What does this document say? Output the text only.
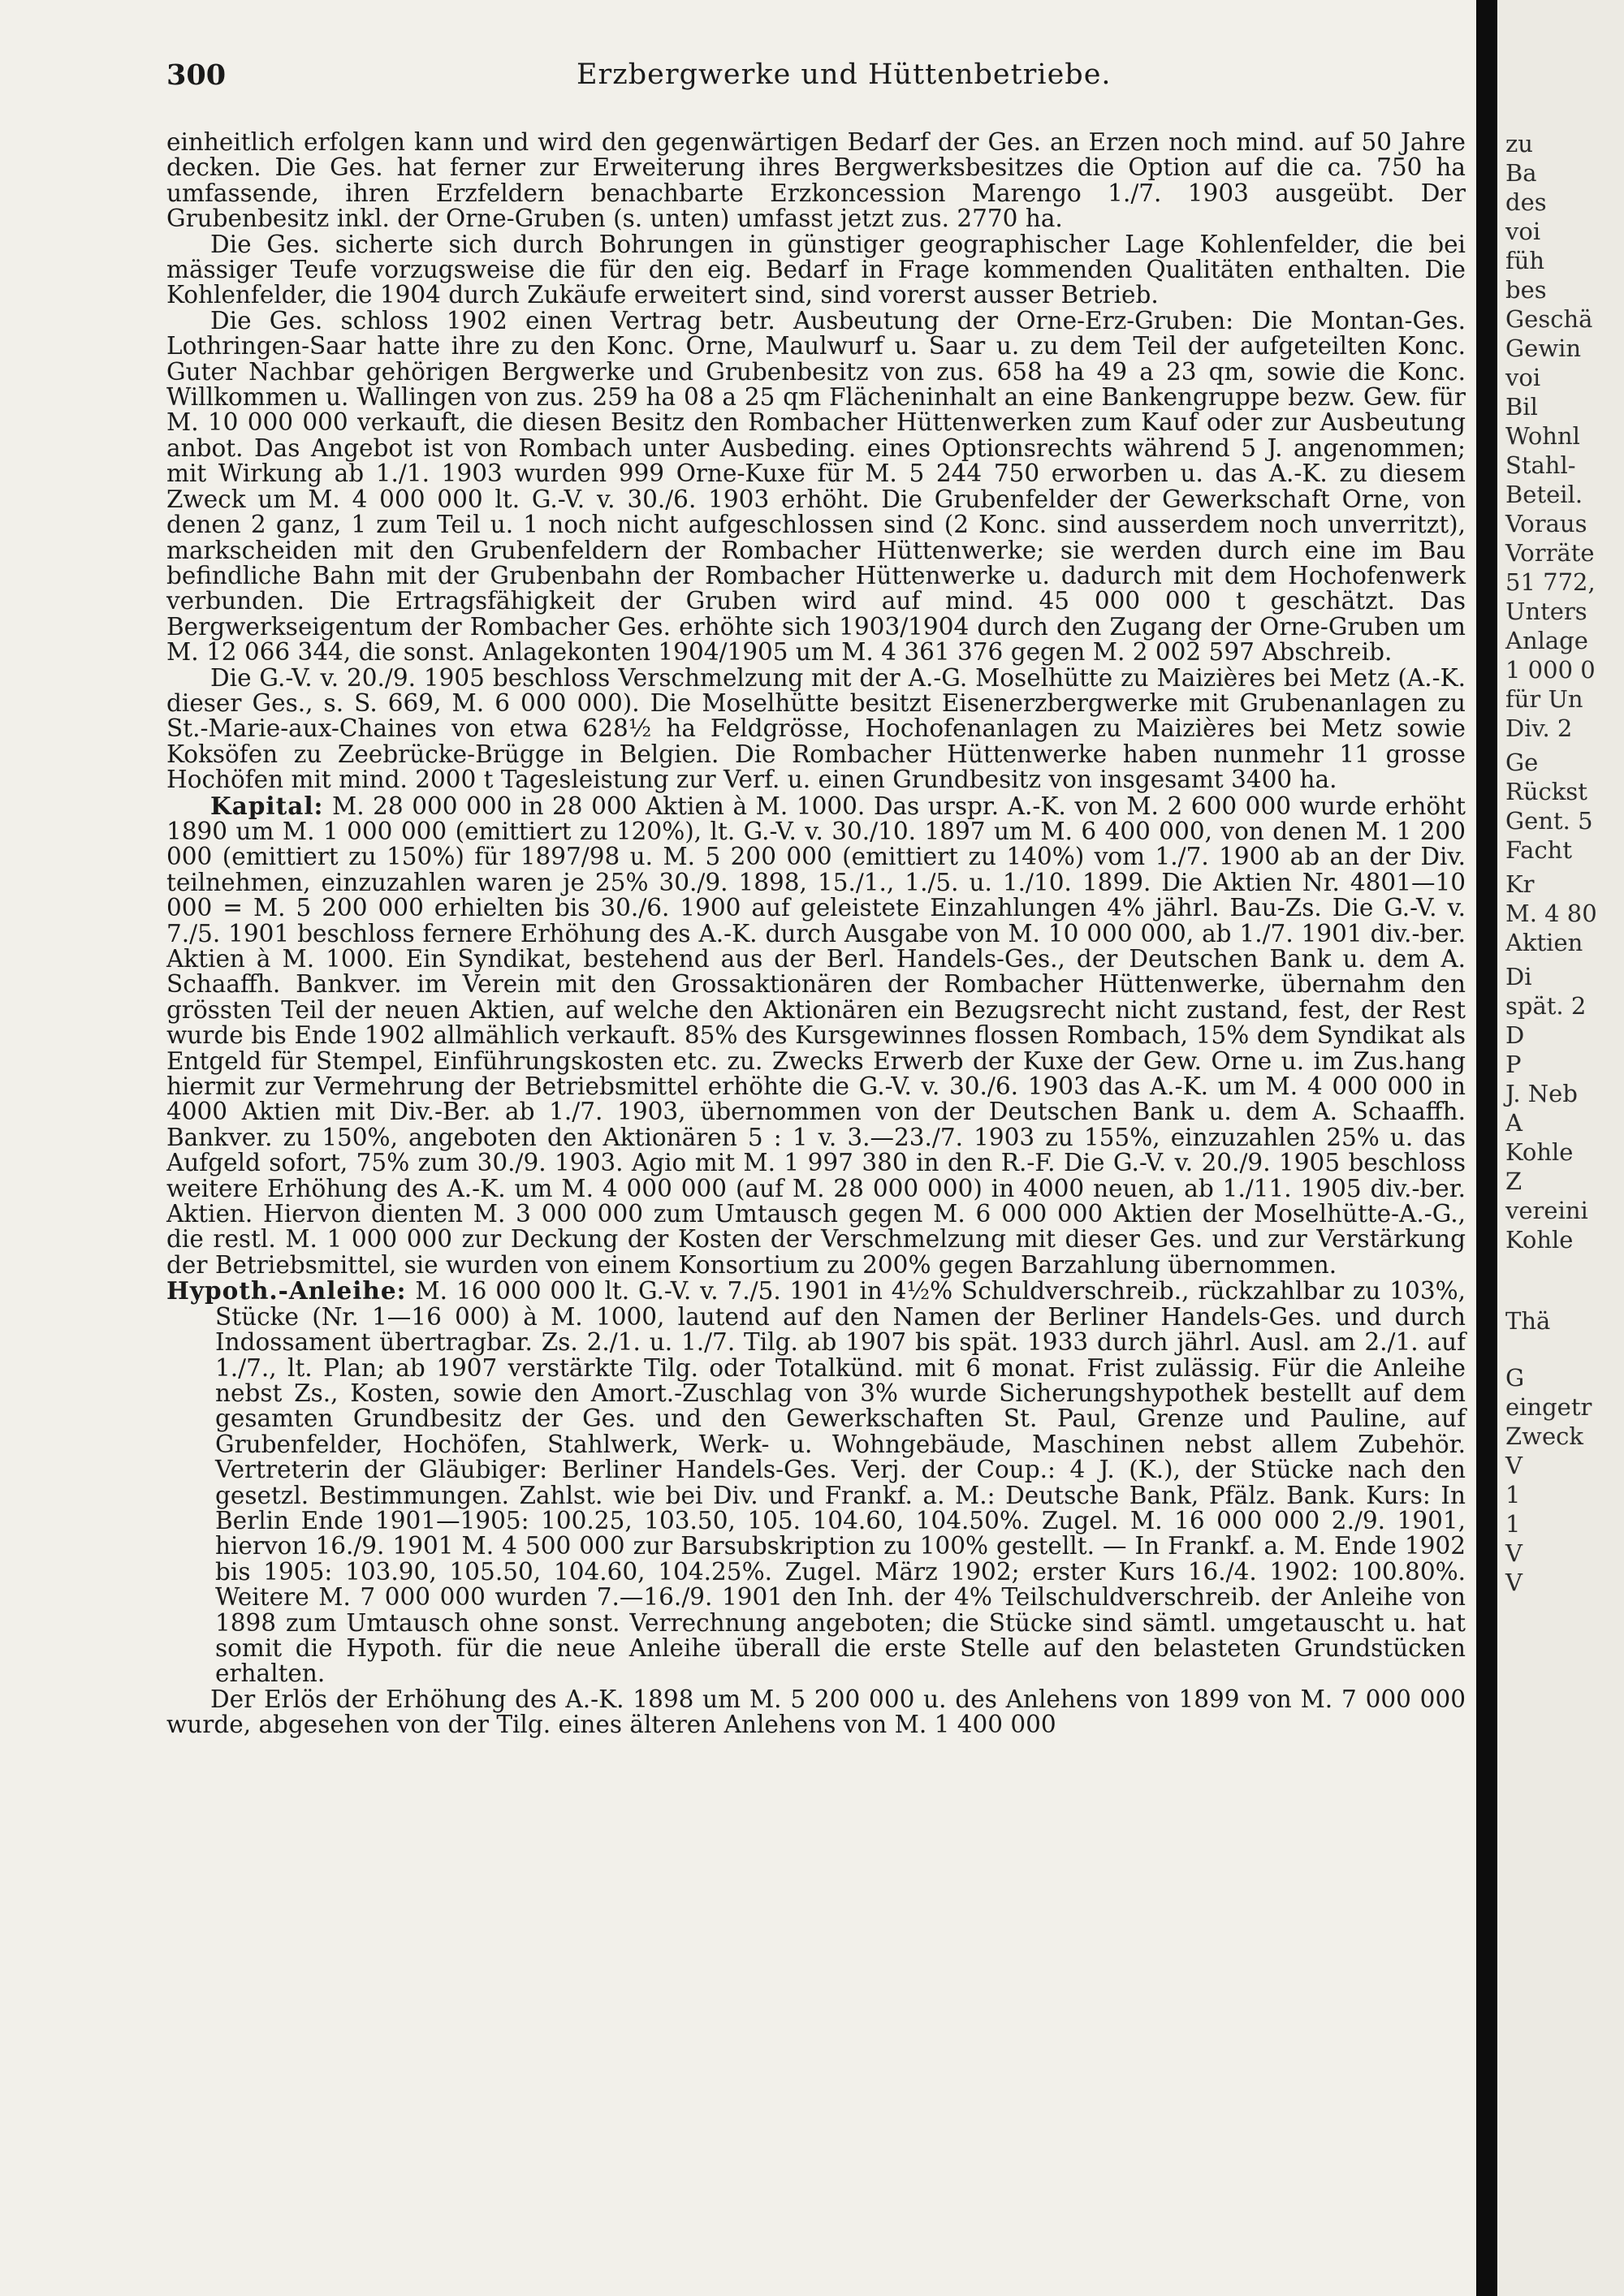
300	Erzbergwerke und Hüttenbetriebe.

einheitlich erfolgen kann und wird den gegenwärtigen Bedarf der Ges. an Erzen noch mind. auf 50 Jahre decken. Die Ges. hat ferner zur Erweiterung ihres Bergwerksbesitzes die Option auf die ca. 750 ha umfassende, ihren Erzfeldern benachbarte Erzkoncession Marengo 1./7. 1903 ausgeübt. Der Grubenbesitz inkl. der Orne-Gruben (s. unten) umfasst jetzt zus. 2770 ha.

Die Ges. sicherte sich durch Bohrungen in günstiger geographischer Lage Kohlenfelder, die bei mässiger Teufe vorzugsweise die für den eig. Bedarf in Frage kommenden Qualitäten enthalten. Die Kohlenfelder, die 1904 durch Zukäufe erweitert sind, sind vorerst ausser Betrieb.

Die Ges. schloss 1902 einen Vertrag betr. Ausbeutung der Orne-Erz-Gruben: Die Montan-Ges. Lothringen-Saar hatte ihre zu den Konc. Orne, Maulwurf u. Saar u. zu dem Teil der aufgeteilten Konc. Guter Nachbar gehörigen Bergwerke und Grubenbesitz von zus. 658 ha 49 a 23 qm, sowie die Konc. Willkommen u. Wallingen von zus. 259 ha 08 a 25 qm Flächeninhalt an eine Bankengruppe bezw. Gew. für M. 10 000 000 verkauft, die diesen Besitz den Rombacher Hüttenwerken zum Kauf oder zur Ausbeutung anbot. Das Angebot ist von Rombach unter Ausbeding. eines Optionsrechts während 5 J. angenommen; mit Wirkung ab 1./1. 1903 wurden 999 Orne-Kuxe für M. 5 244 750 erworben u. das A.-K. zu diesem Zweck um M. 4 000 000 lt. G.-V. v. 30./6. 1903 erhöht. Die Grubenfelder der Gewerkschaft Orne, von denen 2 ganz, 1 zum Teil u. 1 noch nicht aufgeschlossen sind (2 Konc. sind ausserdem noch unverritzt), markscheiden mit den Grubenfeldern der Rombacher Hüttenwerke; sie werden durch eine im Bau befindliche Bahn mit der Grubenbahn der Rombacher Hüttenwerke u. dadurch mit dem Hochofenwerk verbunden. Die Ertragsfähigkeit der Gruben wird auf mind. 45 000 000 t geschätzt. Das Bergwerkseigentum der Rombacher Ges. erhöhte sich 1903/1904 durch den Zugang der Orne-Gruben um M. 12 066 344, die sonst. Anlagekonten 1904/1905 um M. 4 361 376 gegen M. 2 002 597 Abschreib.

Die G.-V. v. 20./9. 1905 beschloss Verschmelzung mit der A.-G. Moselhütte zu Maizières bei Metz (A.-K. dieser Ges., s. S. 669, M. 6 000 000). Die Moselhütte besitzt Eisenerzbergwerke mit Grubenanlagen zu St.-Marie-aux-Chaines von etwa 628½ ha Feldgrösse, Hochofenanlagen zu Maizières bei Metz sowie Koksöfen zu Zeebrücke-Brügge in Belgien. Die Rombacher Hüttenwerke haben nunmehr 11 grosse Hochöfen mit mind. 2000 t Tagesleistung zur Verf. u. einen Grundbesitz von insgesamt 3400 ha.

Kapital: M. 28 000 000 in 28 000 Aktien à M. 1000. Das urspr. A.-K. von M. 2 600 000 wurde erhöht 1890 um M. 1 000 000 (emittiert zu 120%), lt. G.-V. v. 30./10. 1897 um M. 6 400 000, von denen M. 1 200 000 (emittiert zu 150%) für 1897/98 u. M. 5 200 000 (emittiert zu 140%) vom 1./7. 1900 ab an der Div. teilnehmen, einzuzahlen waren je 25% 30./9. 1898, 15./1., 1./5. u. 1./10. 1899. Die Aktien Nr. 4801—10 000 = M. 5 200 000 erhielten bis 30./6. 1900 auf geleistete Einzahlungen 4% jährl. Bau-Zs. Die G.-V. v. 7./5. 1901 beschloss fernere Erhöhung des A.-K. durch Ausgabe von M. 10 000 000, ab 1./7. 1901 div.-ber. Aktien à M. 1000. Ein Syndikat, bestehend aus der Berl. Handels-Ges., der Deutschen Bank u. dem A. Schaaffh. Bankver. im Verein mit den Grossaktionären der Rombacher Hüttenwerke, übernahm den grössten Teil der neuen Aktien, auf welche den Aktionären ein Bezugsrecht nicht zustand, fest, der Rest wurde bis Ende 1902 allmählich verkauft. 85% des Kursgewinnes flossen Rombach, 15% dem Syndikat als Entgeld für Stempel, Einführungskosten etc. zu. Zwecks Erwerb der Kuxe der Gew. Orne u. im Zus.hang hiermit zur Vermehrung der Betriebsmittel erhöhte die G.-V. v. 30./6. 1903 das A.-K. um M. 4 000 000 in 4000 Aktien mit Div.-Ber. ab 1./7. 1903, übernommen von der Deutschen Bank u. dem A. Schaaffh. Bankver. zu 150%, angeboten den Aktionären 5 : 1 v. 3.—23./7. 1903 zu 155%, einzuzahlen 25% u. das Aufgeld sofort, 75% zum 30./9. 1903. Agio mit M. 1 997 380 in den R.-F. Die G.-V. v. 20./9. 1905 beschloss weitere Erhöhung des A.-K. um M. 4 000 000 (auf M. 28 000 000) in 4000 neuen, ab 1./11. 1905 div.-ber. Aktien. Hiervon dienten M. 3 000 000 zum Umtausch gegen M. 6 000 000 Aktien der Moselhütte-A.-G., die restl. M. 1 000 000 zur Deckung der Kosten der Verschmelzung mit dieser Ges. und zur Verstärkung der Betriebsmittel, sie wurden von einem Konsortium zu 200% gegen Barzahlung übernommen.

Hypoth.-Anleihe: M. 16 000 000 lt. G.-V. v. 7./5. 1901 in 4½% Schuldverschreib., rückzahlbar zu 103%, Stücke (Nr. 1—16 000) à M. 1000, lautend auf den Namen der Berliner Handels-Ges. und durch Indossament übertragbar. Zs. 2./1. u. 1./7. Tilg. ab 1907 bis spät. 1933 durch jährl. Ausl. am 2./1. auf 1./7., lt. Plan; ab 1907 verstärkte Tilg. oder Totalkünd. mit 6 monat. Frist zulässig. Für die Anleihe nebst Zs., Kosten, sowie den Amort.-Zuschlag von 3% wurde Sicherungshypothek bestellt auf dem gesamten Grundbesitz der Ges. und den Gewerkschaften St. Paul, Grenze und Pauline, auf Grubenfelder, Hochöfen, Stahlwerk, Werk- u. Wohngebäude, Maschinen nebst allem Zubehör. Vertreterin der Gläubiger: Berliner Handels-Ges. Verj. der Coup.: 4 J. (K.), der Stücke nach den gesetzl. Bestimmungen. Zahlst. wie bei Div. und Frankf. a. M.: Deutsche Bank, Pfälz. Bank. Kurs: In Berlin Ende 1901—1905: 100.25, 103.50, 105. 104.60, 104.50%. Zugel. M. 16 000 000 2./9. 1901, hiervon 16./9. 1901 M. 4 500 000 zur Barsubskription zu 100% gestellt. — In Frankf. a. M. Ende 1902 bis 1905: 103.90, 105.50, 104.60, 104.25%. Zugel. März 1902; erster Kurs 16./4. 1902: 100.80%. Weitere M. 7 000 000 wurden 7.—16./9. 1901 den Inh. der 4% Teilschuldverschreib. der Anleihe von 1898 zum Umtausch ohne sonst. Verrechnung angeboten; die Stücke sind sämtl. umgetauscht u. hat somit die Hypoth. für die neue Anleihe überall die erste Stelle auf den belasteten Grundstücken erhalten.

Der Erlös der Erhöhung des A.-K. 1898 um M. 5 200 000 u. des Anlehens von 1899 von M. 7 000 000 wurde, abgesehen von der Tilg. eines älteren Anlehens von M. 1 400 000

zu
Ba
des
voi
füh
bes
Geschä
Gewin
voi
Bil
Wohnl
Stahl-
Beteil.
Voraus
Vorräte
51 772,
Unters
Anlage
1 000 0
für Un
Div. 2
Ge
Rückst
Gent. 5
Facht
Kr
M. 4 80
Aktien
Di
spät. 2
D
P
J. Neb
A
Kohle
Z
vereini
Kohle
Thä
G
eingetr
Zweck
V
1
1
V
V
